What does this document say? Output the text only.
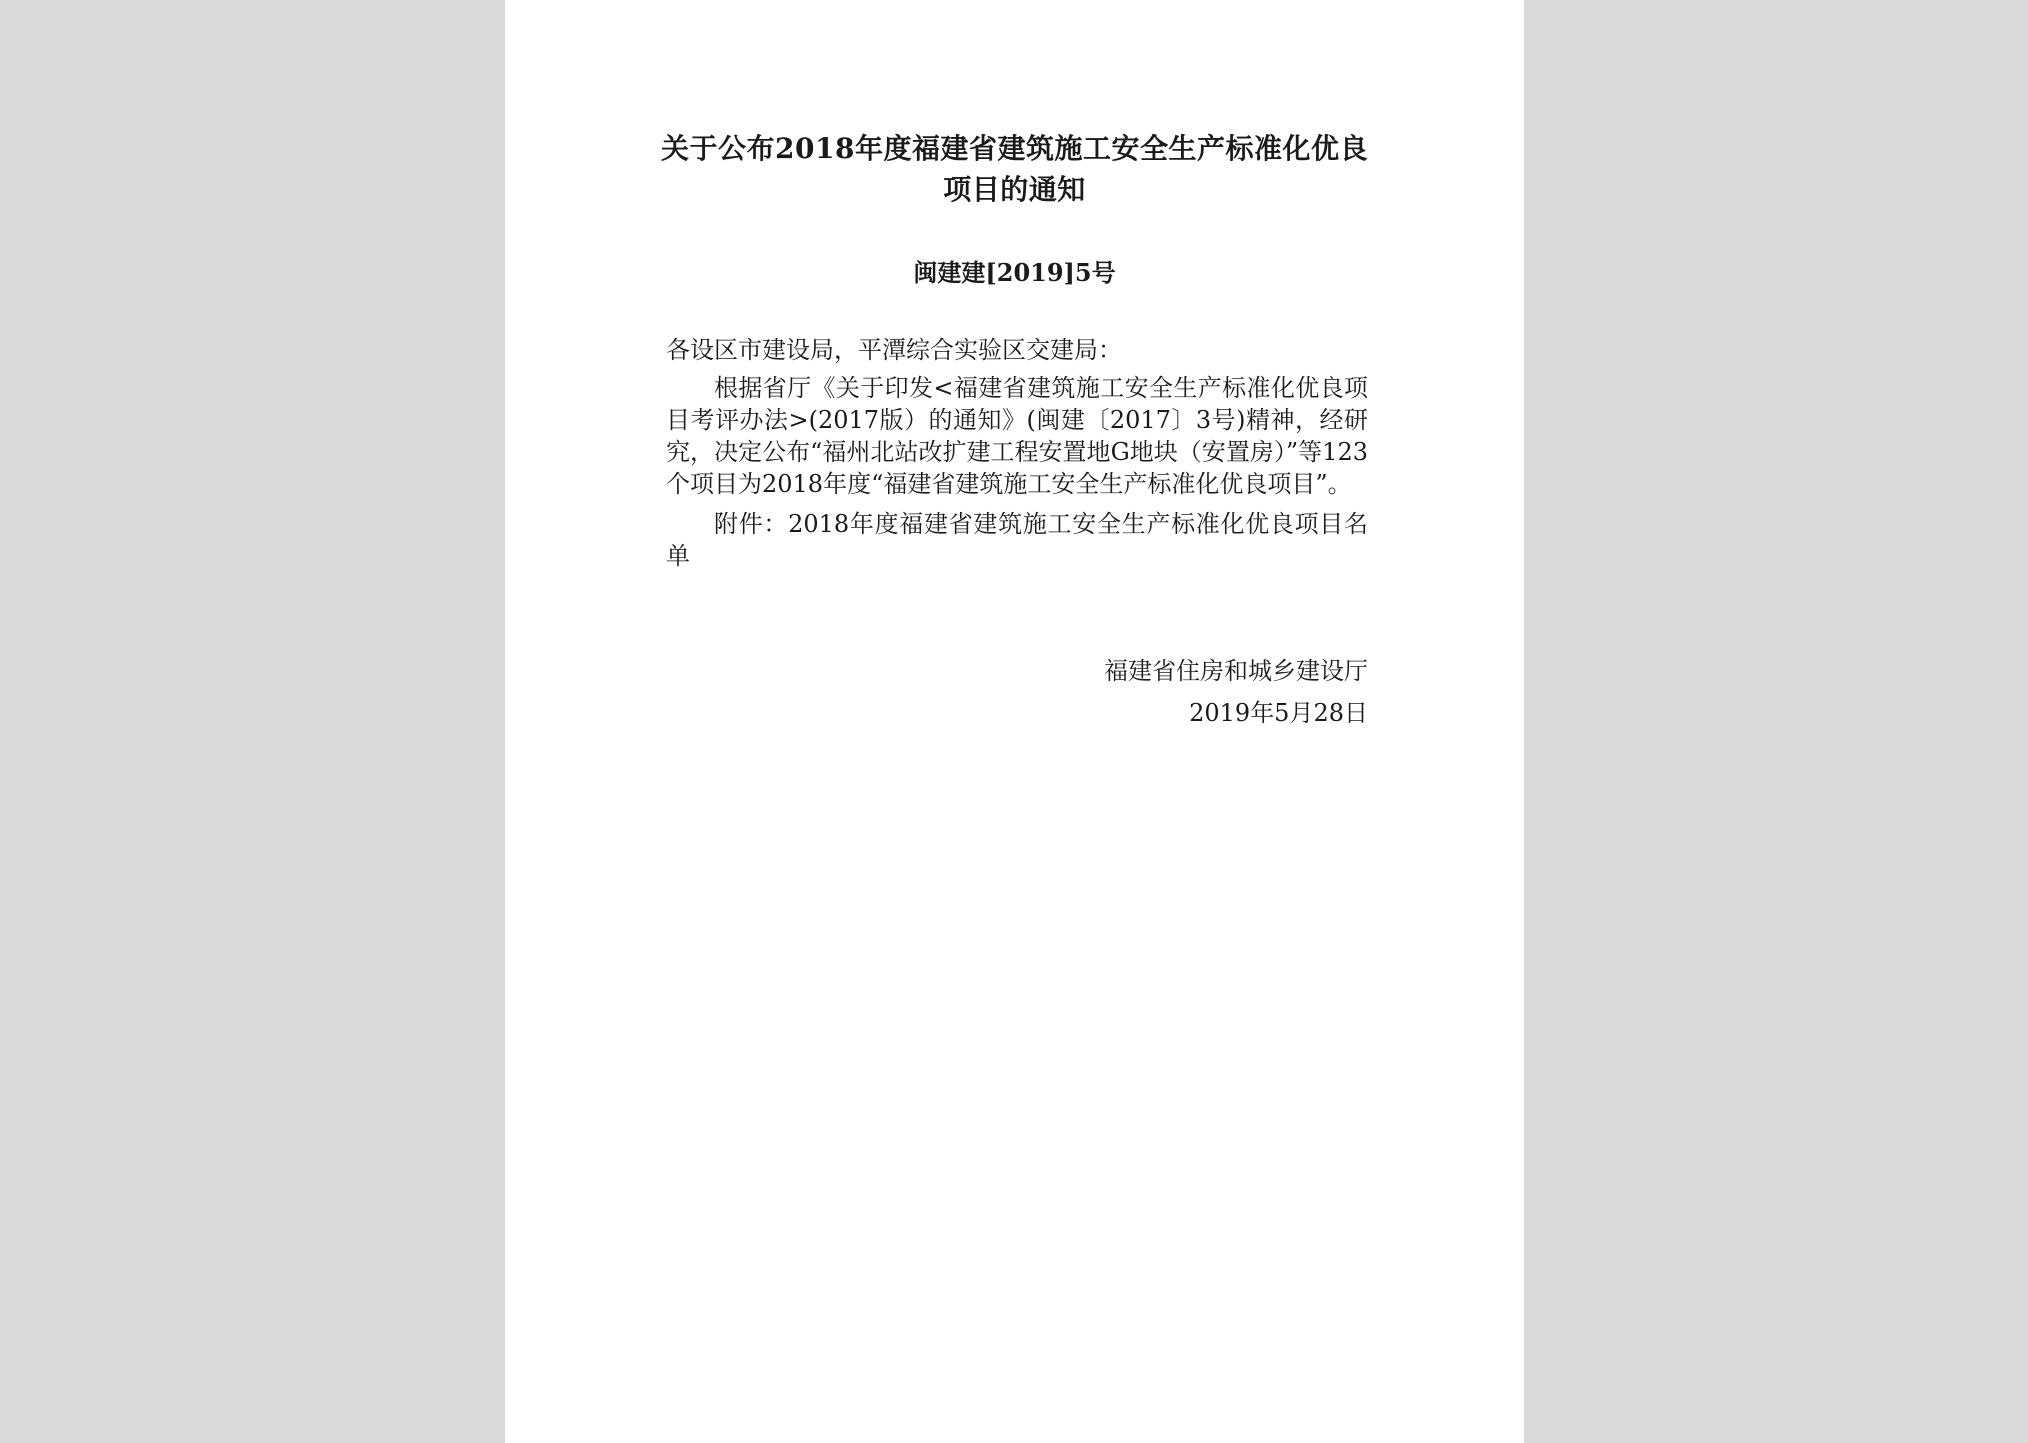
关于公布2018年度福建省建筑施工安全生产标准化优良
项目的通知
闽建建[2019]5号

各设区市建设局，平潭综合实验区交建局：

根据省厅《关于印发<福建省建筑施工安全生产标准化优良项目考评办法>(2017版）的通知》(闽建〔2017〕3号)精神，经研究，决定公布“福州北站改扩建工程安置地G地块（安置房）”等123个项目为2018年度“福建省建筑施工安全生产标准化优良项目”。

附件：2018年度福建省建筑施工安全生产标准化优良项目名单

福建省住房和城乡建设厅
2019年5月28日
